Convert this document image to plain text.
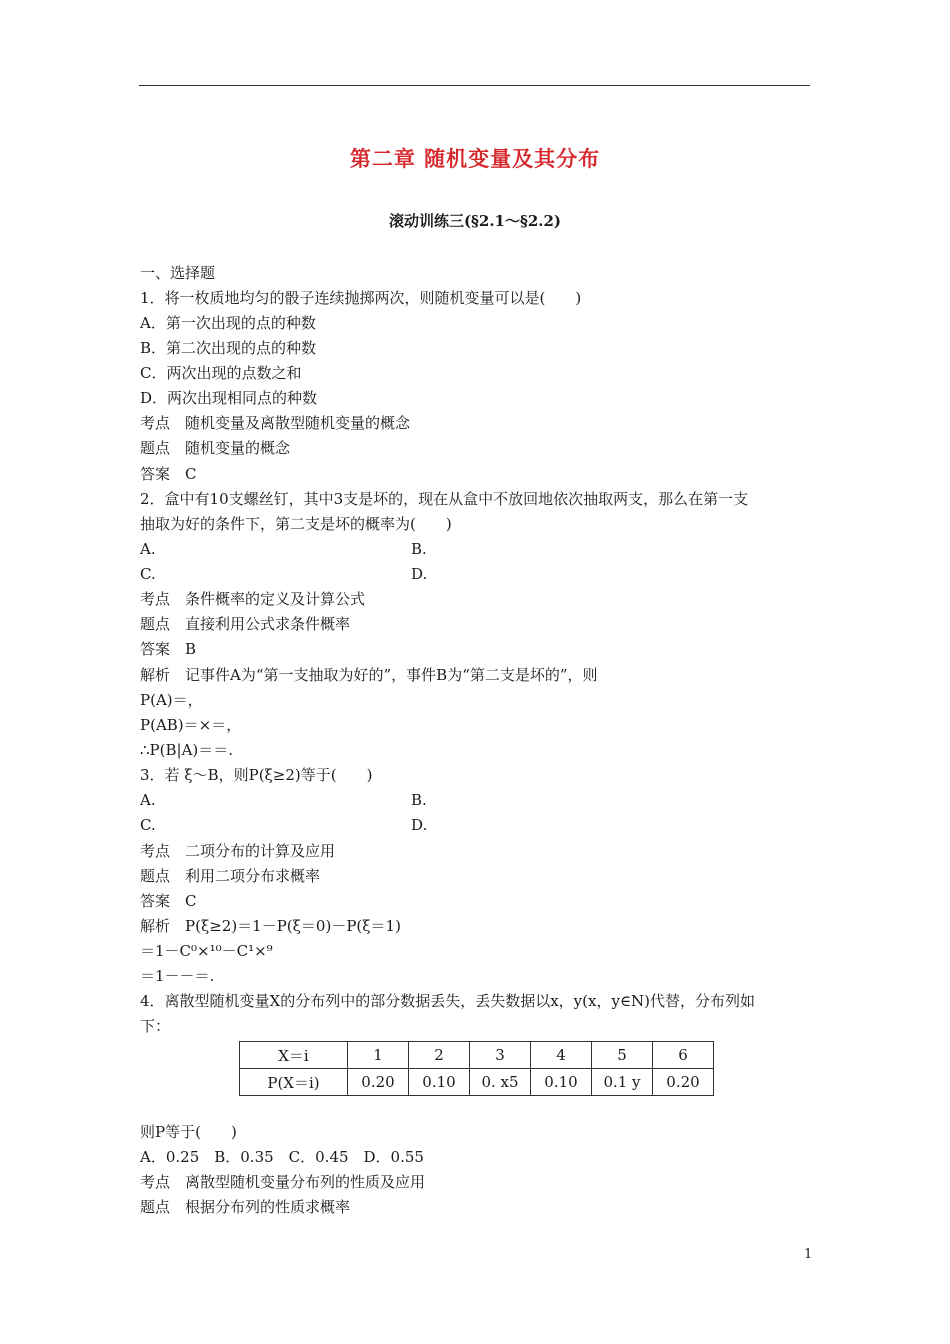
第二章 随机变量及其分布
滚动训练三(§2.1～§2.2)
一、选择题
1．将一枚质地均匀的骰子连续抛掷两次，则随机变量可以是(　　)
A．第一次出现的点的种数
B．第二次出现的点的种数
C．两次出现的点数之和
D．两次出现相同点的种数
考点　随机变量及离散型随机变量的概念
题点　随机变量的概念
答案　C
2．盒中有10支螺丝钉，其中3支是坏的，现在从盒中不放回地依次抽取两支，那么在第一支
抽取为好的条件下，第二支是坏的概率为(　　)
A.	B.
C.	D.
考点　条件概率的定义及计算公式
题点　直接利用公式求条件概率
答案　B
解析　记事件A为“第一支抽取为好的”，事件B为“第二支是坏的”，则
P(A)＝，
P(AB)＝×＝，
∴P(B|A)＝＝.
3．若 ξ～B，则P(ξ≥2)等于(　　)
A.	B.
C.	D.
考点　二项分布的计算及应用
题点　利用二项分布求概率
答案　C
解析　P(ξ≥2)＝1－P(ξ＝0)－P(ξ＝1)
＝1－C⁰×¹⁰－C¹×⁹
＝1－－＝.
4．离散型随机变量X的分布列中的部分数据丢失，丢失数据以x，y(x，y∈N)代替，分布列如
下：
X＝i	1	2	3	4	5	6
P(X＝i)	0.20	0.10	0. x5	0.10	0.1 y	0.20
则P等于(　　)
A．0.25　B．0.35　C．0.45　D．0.55
考点　离散型随机变量分布列的性质及应用
题点　根据分布列的性质求概率
1
